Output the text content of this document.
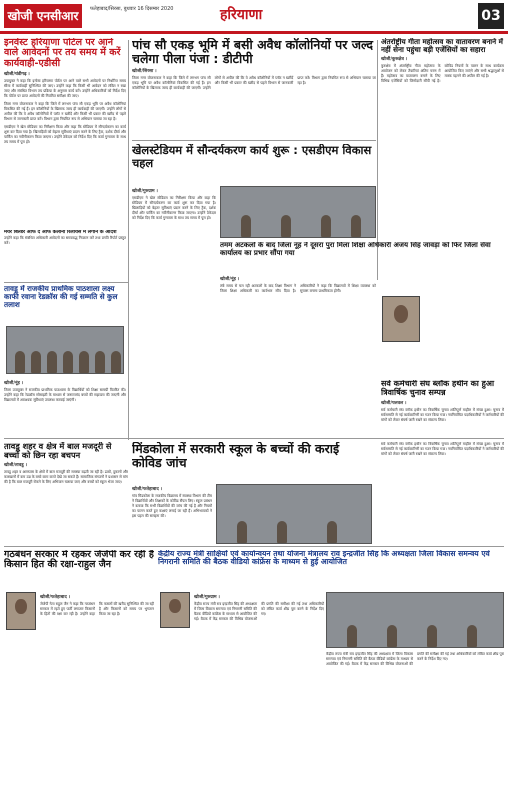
खोजी एनसीआर	फतेहाबाद/सिरसा, बुधवार 16 दिसम्बर 2020	हरियाणा	03
इनवेस्ट हरियाणा पोर्टल पर आने वाले आवेदनों पर तय समय में करें कार्यवाही-एडीसी
खोजी/चंडीगढ़ ।
उपायुक्त ने कहा कि इन्वेस्ट हरियाणा पोर्टल पर आने वाले सभी आवेदनों पर निर्धारित समय सीमा में कार्यवाही सुनिश्चित की जाए। उन्होंने कहा कि किसी भी आवेदन को लंबित न रखा जाए और संबंधित विभाग तय प्रक्रिया के अनुसार कार्य करें। उन्होंने अधिकारियों को निर्देश दिए कि पोर्टल पर प्राप्त आवेदनों की नियमित समीक्षा की जाए।
जिला नगर योजनाकार ने कहा कि जिले में लगभग पांच सौ एकड़ भूमि पर अवैध कॉलोनियां विकसित की गई हैं। इन कॉलोनियों के खिलाफ जल्द ही कार्यवाही की जाएगी। उन्होंने लोगों से अपील की कि वे अवैध कॉलोनियों में प्लॉट न खरीदें और किसी भी प्रकार की खरीद से पहले विभाग से जानकारी प्राप्त करें। विभाग द्वारा नियमित रूप से अभियान चलाया जा रहा है।
एसडीएम ने खेल स्टेडियम का निरीक्षण किया और कहा कि स्टेडियम में सौन्दर्यकरण का कार्य शुरू कर दिया गया है। खिलाड़ियों को बेहतर सुविधाएं प्रदान करने के लिए ट्रैक, दर्शक दीर्घा और पार्किंग का नवीनीकरण किया जाएगा। उन्होंने ठेकेदार को निर्देश दिए कि कार्य गुणवत्ता के साथ तय समय में पूरा हो।
मेयर बिल्डर ऑफ द आफ कलोनी रिलायंस में लगाने के आदेश
उन्होंने कहा कि संबंधित अधिकारी आवेदनों का समयबद्ध निपटान करें तथा प्रगति रिपोर्ट प्रस्तुत करें।
तावडू में राजकीय प्राथमिक पाठशाला लक्ष्य काफी रवाना रेडक्रॉस की गई सम्मति से कुल तलाश
खोजी/नूंह ।
जिला उपायुक्त ने राजकीय प्राथमिक पाठशाला के विद्यार्थियों को शिक्षा सामग्री वितरित की। उन्होंने कहा कि रेडक्रॉस सोसाइटी के माध्यम से जरूरतमंद बच्चों की सहायता की जाएगी और विद्यालयों में आवश्यक सुविधाएं उपलब्ध करवाई जाएंगी।
पांच सौ एकड़ भूमि में बसी अवैध कॉलोनियों पर जल्द चलेगा पीला पंजा : डीटीपी
खोजी/सिरसा ।
जिला नगर योजनाकार ने कहा कि जिले में लगभग पांच सौ एकड़ भूमि पर अवैध कॉलोनियां विकसित की गई हैं। इन कॉलोनियों के खिलाफ जल्द ही कार्यवाही की जाएगी। उन्होंने लोगों से अपील की कि वे अवैध कॉलोनियों में प्लॉट न खरीदें और किसी भी प्रकार की खरीद से पहले विभाग से जानकारी प्राप्त करें। विभाग द्वारा नियमित रूप से अभियान चलाया जा रहा है।
खेलस्टेडियम में सौन्दर्यकरण कार्य शुरू : एसडीएम विकास चहल
खोजी/गुरुग्राम ।
एसडीएम ने खेल स्टेडियम का निरीक्षण किया और कहा कि स्टेडियम में सौन्दर्यकरण का कार्य शुरू कर दिया गया है। खिलाड़ियों को बेहतर सुविधाएं प्रदान करने के लिए ट्रैक, दर्शक दीर्घा और पार्किंग का नवीनीकरण किया जाएगा। उन्होंने ठेकेदार को निर्देश दिए कि कार्य गुणवत्ता के साथ तय समय में पूरा हो।
अंतर्राष्ट्रीय गीता महोत्सव का वातावरण बनाने में नहीं सेना पहुंचा बड़ी एजेंसियों का सहारा
खोजी/कुरुक्षेत्र ।
कुरुक्षेत्र में अंतर्राष्ट्रीय गीता महोत्सव के आयोजन को लेकर तैयारियां अंतिम चरण में हैं। महोत्सव का वातावरण बनाने के लिए विभिन्न एजेंसियों को जिम्मेदारी सौंपी गई है। कोविड नियमों के पालन के साथ कार्यक्रम आयोजित किए जाएंगे और सभी श्रद्धालुओं से मास्क पहनने की अपील की गई है।
तमम अटकलों के बाद जिला नूंह ने दूसरा पुरा मिला शिक्षा अधिकारी अजय सिंह जावड़ा को फिर जिला सेवा कार्यालय का प्रभार सौंपा गया
खोजी/नूंह ।
लंबे समय से चल रही अटकलों के बाद शिक्षा विभाग ने जिला शिक्षा अधिकारी का कार्यभार सौंप दिया है। अधिकारियों ने कहा कि विद्यालयों में शिक्षा व्यवस्था को सुचारू बनाना प्राथमिकता होगी।
सर्व कर्मचारी संघ ब्लॉक हथीन का हुआ त्रिवार्षिक चुनाव सम्पन्न
खोजी/पलवल ।
सर्व कर्मचारी संघ ब्लॉक हथीन का त्रिवार्षिक चुनाव शांतिपूर्ण माहौल में संपन्न हुआ। चुनाव में सर्वसम्मति से नई कार्यकारिणी का गठन किया गया। नवनिर्वाचित पदाधिकारियों ने कर्मचारियों की मांगों को लेकर संघर्ष जारी रखने का संकल्प लिया।
मिंडकोला में सरकारी स्कूल के बच्चों की कराई कोविड जांच
खोजी/फतेहाबाद ।
गांव मिंडकोला के राजकीय विद्यालय में स्वास्थ्य विभाग की टीम ने विद्यार्थियों और शिक्षकों के कोविड सैंपल लिए। स्कूल प्रबंधन ने बताया कि सभी विद्यार्थियों की जांच की गई है और नियमों का पालन करते हुए कक्षाएं लगाई जा रही हैं। अभिभावकों ने इस पहल की सराहना की।
तावडू शहर व क्षेत्र में बाल मजदूरी से बच्चों को छिन रहा बचपन
खोजी/तावडू ।
तावडू शहर व आसपास के क्षेत्रों में बाल मजदूरी की समस्या बढ़ती जा रही है। ढाबों, दुकानों और कारखानों में कम उम्र के बच्चे काम करते देखे जा सकते हैं। सामाजिक संगठनों ने प्रशासन से मांग की है कि बाल मजदूरी रोकने के लिए अभियान चलाया जाए और बच्चों को स्कूल भेजा जाए।
सर्व कर्मचारी संघ ब्लॉक हथीन का त्रिवार्षिक चुनाव शांतिपूर्ण माहौल में संपन्न हुआ। चुनाव में सर्वसम्मति से नई कार्यकारिणी का गठन किया गया। नवनिर्वाचित पदाधिकारियों ने कर्मचारियों की मांगों को लेकर संघर्ष जारी रखने का संकल्प लिया।
गठबंधन सरकार में रहकर जेजेपी कर रही है किसान हित की रक्षा-राहुल जैन
खोजी/फतेहाबाद ।
जेजेपी नेता राहुल जैन ने कहा कि गठबंधन सरकार में रहते हुए पार्टी लगातार किसानों के हितों की रक्षा कर रही है। उन्होंने कहा कि फसलों की खरीद सुनिश्चित की जा रही है और किसानों को समय पर भुगतान किया जा रहा है।
केंद्रीय राज्य मंत्री साक्षियों एवं कार्यान्वयन तथा योजना मंत्रालय राव इन्द्रजीत सिंह कि अध्यक्षता जिला विकास समन्वय एवं निगरानी समिति की बैठक वीडियो कांफ्रेंस के माध्यम से हुई आयोजित
खोजी/गुरुग्राम ।
केंद्रीय राज्य मंत्री राव इन्द्रजीत सिंह की अध्यक्षता में जिला विकास समन्वय एवं निगरानी समिति की बैठक वीडियो कांफ्रेंस के माध्यम से आयोजित की गई। बैठक में केंद्र सरकार की विभिन्न योजनाओं की प्रगति की समीक्षा की गई तथा अधिकारियों को लंबित कार्य शीघ्र पूरा करने के निर्देश दिए गए।
केंद्रीय राज्य मंत्री राव इन्द्रजीत सिंह की अध्यक्षता में जिला विकास समन्वय एवं निगरानी समिति की बैठक वीडियो कांफ्रेंस के माध्यम से आयोजित की गई। बैठक में केंद्र सरकार की विभिन्न योजनाओं की प्रगति की समीक्षा की गई तथा अधिकारियों को लंबित कार्य शीघ्र पूरा करने के निर्देश दिए गए।
